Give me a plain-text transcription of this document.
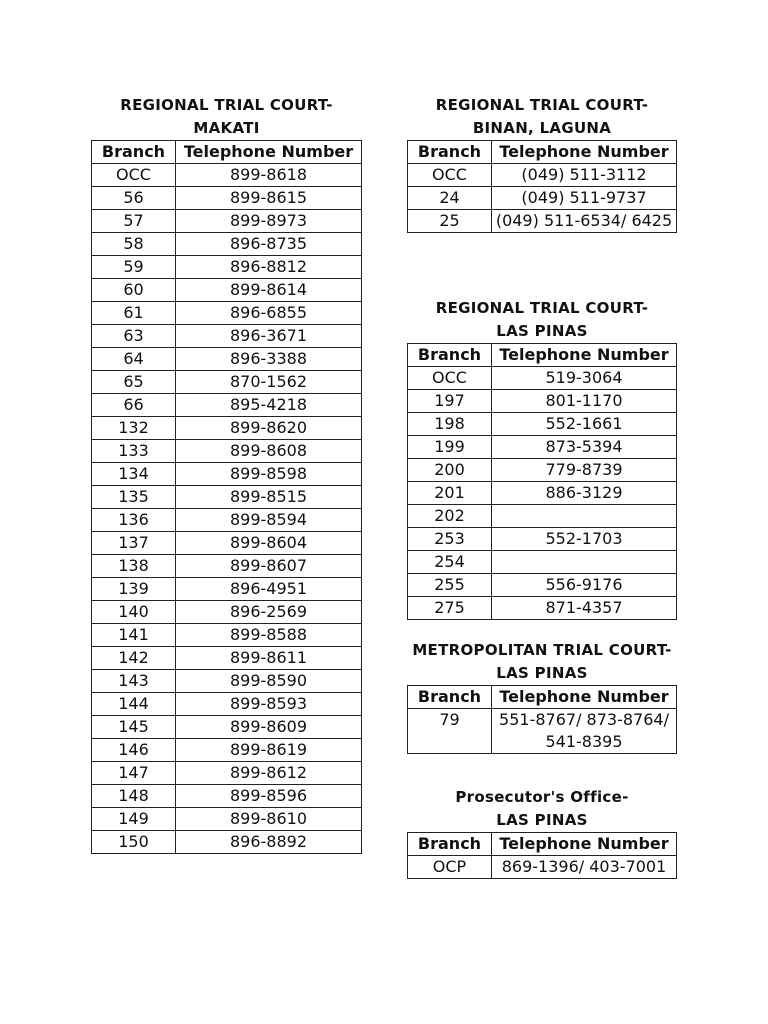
REGIONAL TRIAL COURT-
MAKATI
Branch	Telephone Number
OCC	899-8618
56	899-8615
57	899-8973
58	896-8735
59	896-8812
60	899-8614
61	896-6855
63	896-3671
64	896-3388
65	870-1562
66	895-4218
132	899-8620
133	899-8608
134	899-8598
135	899-8515
136	899-8594
137	899-8604
138	899-8607
139	896-4951
140	896-2569
141	899-8588
142	899-8611
143	899-8590
144	899-8593
145	899-8609
146	899-8619
147	899-8612
148	899-8596
149	899-8610
150	896-8892
REGIONAL TRIAL COURT-
BINAN, LAGUNA
Branch	Telephone Number
OCC	(049) 511-3112
24	(049) 511-9737
25	(049) 511-6534/ 6425
REGIONAL TRIAL COURT-
LAS PINAS
Branch	Telephone Number
OCC	519-3064
197	801-1170
198	552-1661
199	873-5394
200	779-8739
201	886-3129
202	
253	552-1703
254	
255	556-9176
275	871-4357
METROPOLITAN TRIAL COURT-
LAS PINAS
Branch	Telephone Number
79	551-8767/ 873-8764/
541-8395
Prosecutor's Office-
LAS PINAS
Branch	Telephone Number
OCP	869-1396/ 403-7001
